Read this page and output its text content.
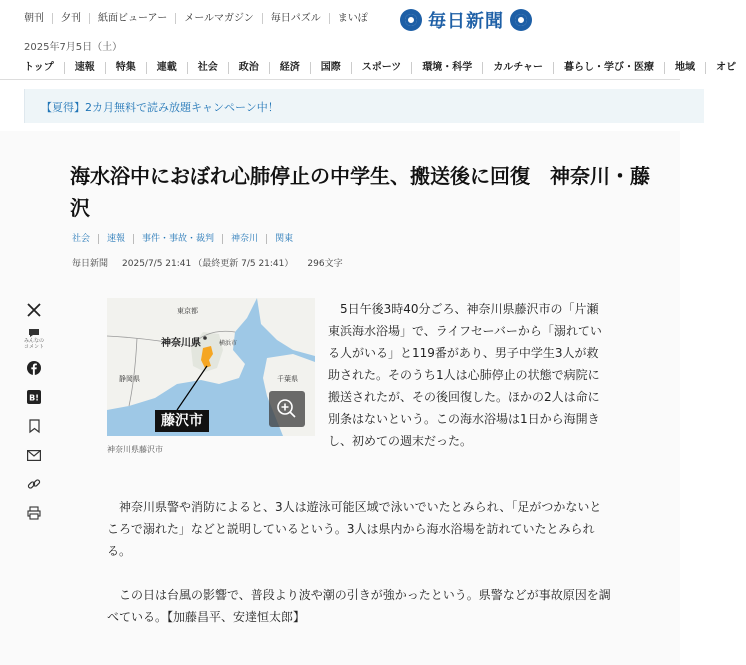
朝刊	夕刊	紙面ビューアー	メールマガジン	毎日パズル	まいぽ	毎日新聞
2025年7月5日（土）
トップ	速報	特集	連載	社会	政治	経済	国際	スポーツ	環境・科学	カルチャー	暮らし・学び・医療	地域	オピ
【夏得】2カ月無料で読み放題キャンペーン中！
海水浴中におぼれ心肺停止の中学生、搬送後に回復　神奈川・藤沢
社会	速報	事件・事故・裁判	神奈川	関東
毎日新聞 2025/7/5 21:41 （最終更新 7/5 21:41） 296文字
みんなの
コメント
B!
東京都
神奈川県	横浜市
静岡県	千葉県
藤沢市
神奈川県藤沢市
5日午後3時40分ごろ、神奈川県藤沢市の「片瀬東浜海水浴場」で、ライフセーバーから「溺れている人がいる」と119番があり、男子中学生3人が救助された。そのうち1人は心肺停止の状態で病院に搬送されたが、その後回復した。ほかの2人は命に別条はないという。この海水浴場は1日から海開きし、初めての週末だった。
神奈川県警や消防によると、3人は遊泳可能区域で泳いでいたとみられ、「足がつかないところで溺れた」などと説明しているという。3人は県内から海水浴場を訪れていたとみられる。
この日は台風の影響で、普段より波や潮の引きが強かったという。県警などが事故原因を調べている。【加藤昌平、安達恒太郎】
